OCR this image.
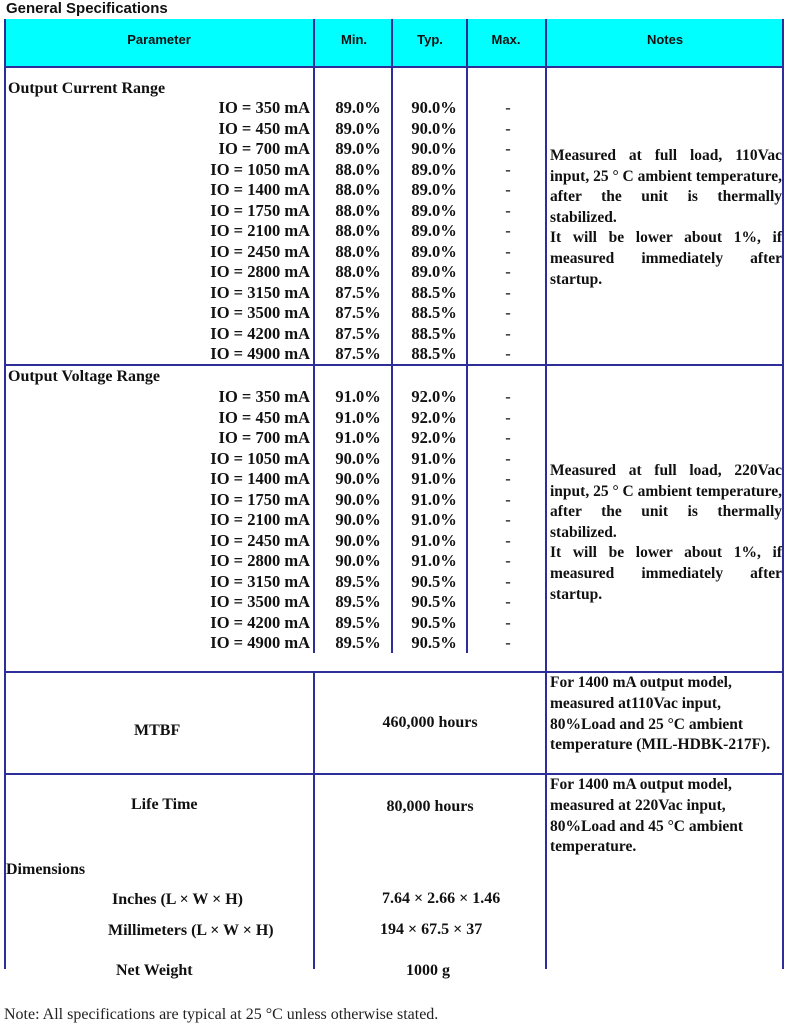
General Specifications
Parameter	Min.	Typ.	Max.	Notes
Output Current Range
IO = 350 mA	89.0%	90.0%	-
IO = 450 mA	89.0%	90.0%	-
IO = 700 mA	89.0%	90.0%	-
IO = 1050 mA	88.0%	89.0%	-
IO = 1400 mA	88.0%	89.0%	-
IO = 1750 mA	88.0%	89.0%	-
IO = 2100 mA	88.0%	89.0%	-
IO = 2450 mA	88.0%	89.0%	-
IO = 2800 mA	88.0%	89.0%	-
IO = 3150 mA	87.5%	88.5%	-
IO = 3500 mA	87.5%	88.5%	-
IO = 4200 mA	87.5%	88.5%	-
IO = 4900 mA	87.5%	88.5%	-

Measured at full load, 110Vac input, 25 ° C ambient temperature, after the unit is thermally stabilized.

It will be lower about 1%, if measured immediately after startup.

Output Voltage Range
IO = 350 mA	91.0%	92.0%	-
IO = 450 mA	91.0%	92.0%	-
IO = 700 mA	91.0%	92.0%	-
IO = 1050 mA	90.0%	91.0%	-
IO = 1400 mA	90.0%	91.0%	-
IO = 1750 mA	90.0%	91.0%	-
IO = 2100 mA	90.0%	91.0%	-
IO = 2450 mA	90.0%	91.0%	-
IO = 2800 mA	90.0%	91.0%	-
IO = 3150 mA	89.5%	90.5%	-
IO = 3500 mA	89.5%	90.5%	-
IO = 4200 mA	89.5%	90.5%	-
IO = 4900 mA	89.5%	90.5%	-

Measured at full load, 220Vac input, 25 ° C ambient temperature, after the unit is thermally stabilized.

It will be lower about 1%, if measured immediately after startup.

MTBF	460,000 hours
For 1400 mA output model, measured at110Vac input, 80%Load and 25 °C ambient temperature (MIL-HDBK-217F).
Life Time	80,000 hours
For 1400 mA output model, measured at 220Vac input, 80%Load and 45 °C ambient temperature.
Dimensions
Inches (L × W × H)	7.64 × 2.66 × 1.46
Millimeters (L × W × H)	194 × 67.5 × 37
Net Weight	1000 g
Note: All specifications are typical at 25 °C unless otherwise stated.
